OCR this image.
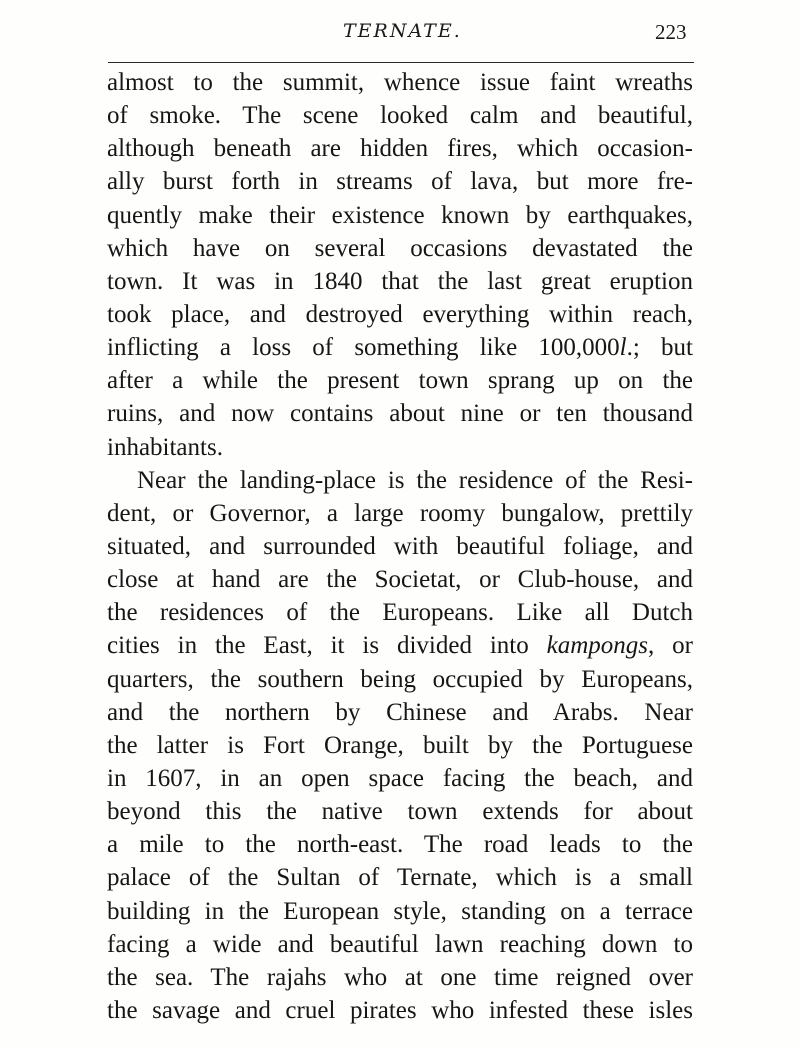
TERNATE.	223
almost to the summit, whence issue faint wreaths
of smoke. The scene looked calm and beautiful,
although beneath are hidden fires, which occasion-
ally burst forth in streams of lava, but more fre-
quently make their existence known by earthquakes,
which have on several occasions devastated the
town. It was in 1840 that the last great eruption
took place, and destroyed everything within reach,
inflicting a loss of something like 100,000l.; but
after a while the present town sprang up on the
ruins, and now contains about nine or ten thousand
inhabitants.
Near the landing-place is the residence of the Resi-
dent, or Governor, a large roomy bungalow, prettily
situated, and surrounded with beautiful foliage, and
close at hand are the Societat, or Club-house, and
the residences of the Europeans. Like all Dutch
cities in the East, it is divided into kampongs, or
quarters, the southern being occupied by Europeans,
and the northern by Chinese and Arabs. Near
the latter is Fort Orange, built by the Portuguese
in 1607, in an open space facing the beach, and
beyond this the native town extends for about
a mile to the north-east. The road leads to the
palace of the Sultan of Ternate, which is a small
building in the European style, standing on a terrace
facing a wide and beautiful lawn reaching down to
the sea. The rajahs who at one time reigned over
the savage and cruel pirates who infested these isles
